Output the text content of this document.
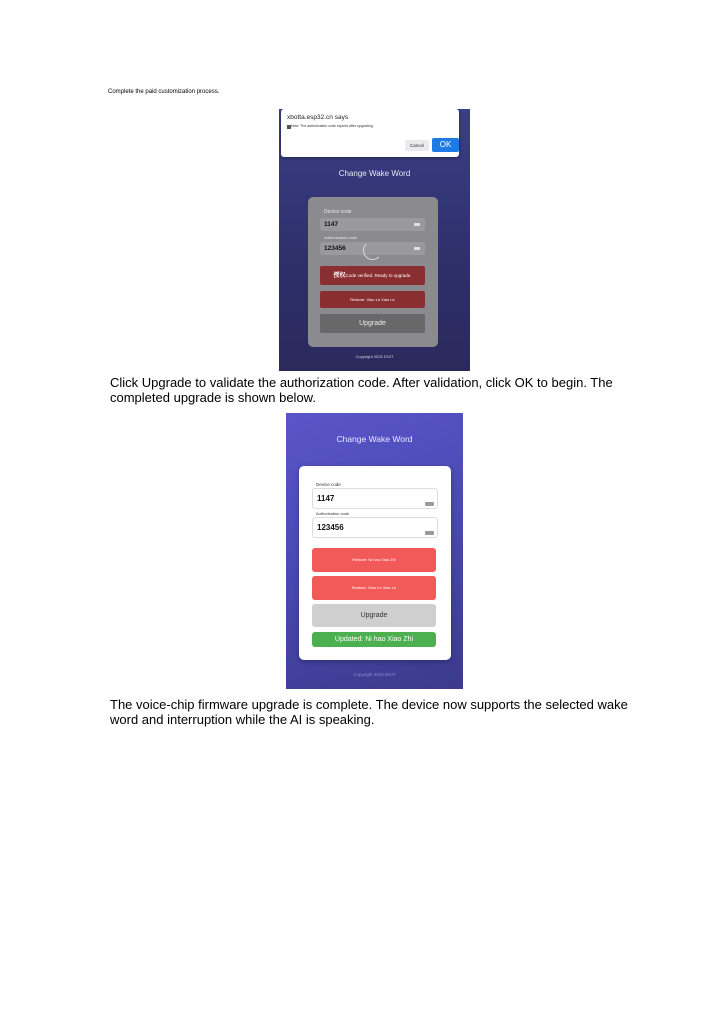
Complete the paid customization process.
xbotta.esp32.cn says
Note: The authorization code expires after upgrading.
Cancel	OK
Change Wake Word
Device code
1147
Authorization code
123456
授权Code verified. Ready to upgrade.
Restore: Xiao Le Xiao Le
Upgrade
Copyright 2025 DGIT
Click Upgrade to validate the authorization code. After validation, click OK to begin. The completed upgrade is shown below.
Change Wake Word
Device code
1147
Authorization code
123456
Restore: Ni hao Xiao Zhi
Restore: Xiao Le Xiao Le
Upgrade
Updated: Ni hao Xiao Zhi
Copyright 2025 DGIT
The voice-chip firmware upgrade is complete. The device now supports the selected wake word and interruption while the AI is speaking.
